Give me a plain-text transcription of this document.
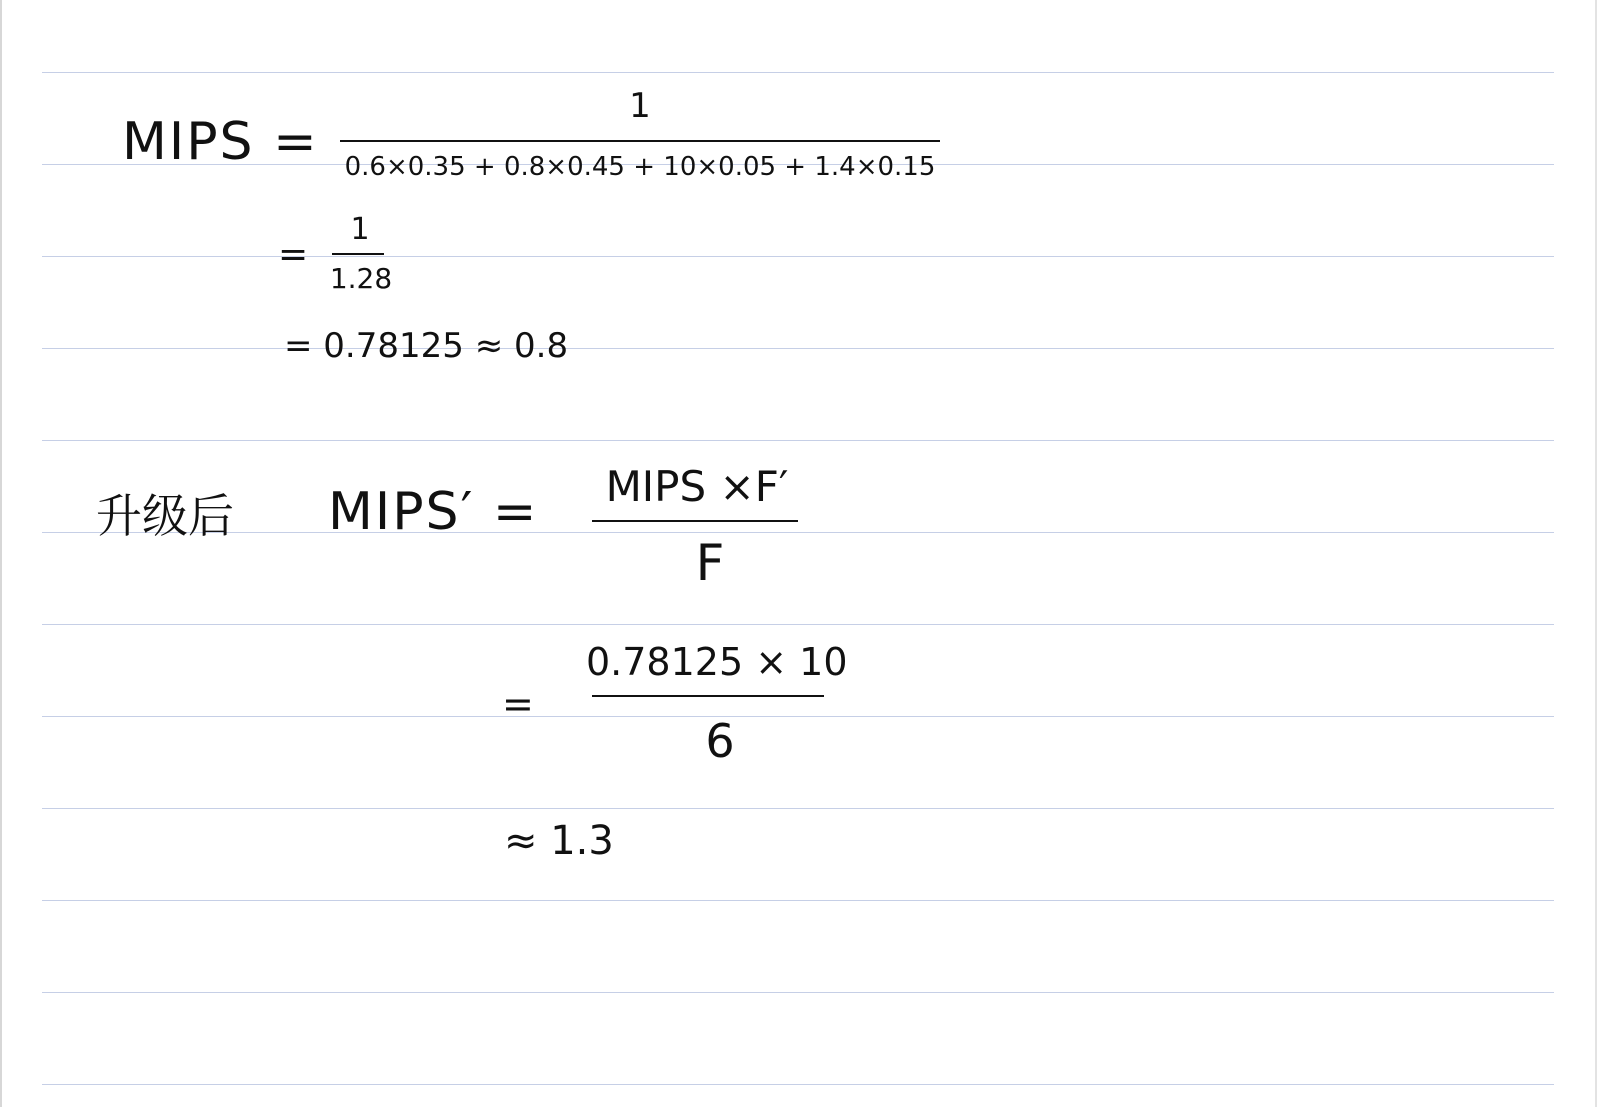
MIPS =
1
0.6×0.35 + 0.8×0.45 + 10×0.05 + 1.4×0.15
=
1
1.28
= 0.78125 ≈ 0.8
升级后 MIPS′ =	MIPS ×F′
F
=
0.78125 × 10
6
≈ 1.3
